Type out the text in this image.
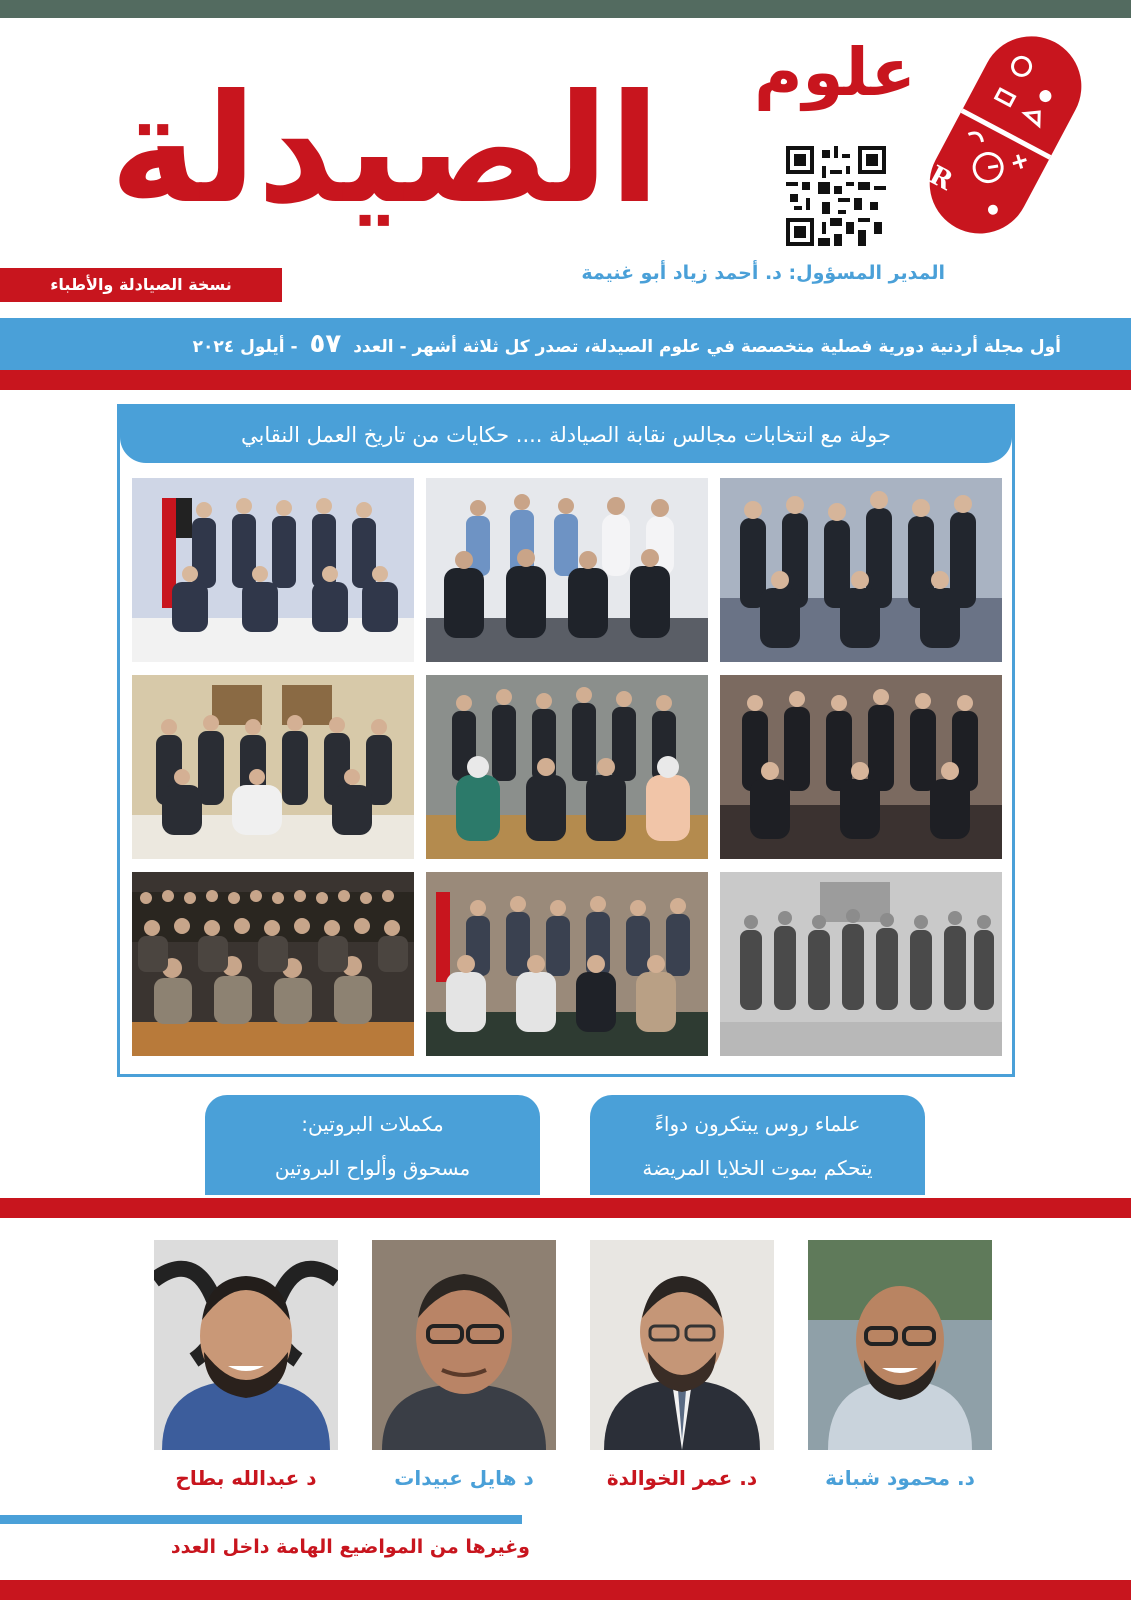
علوم
الصيدلة	R
المدير المسؤول: د. أحمد زياد أبو غنيمة
نسخة الصيادلة والأطباء
أول مجلة أردنية دورية فصلية متخصصة في علوم الصيدلة، تصدر كل ثلاثة أشهر - العدد ٥٧ - أيلول ٢٠٢٤
جولة مع انتخابات مجالس نقابة الصيادلة .... حكايات من تاريخ العمل النقابي
علماء روس يبتكرون دواءً
يتحكم بموت الخلايا المريضة
مكملات البروتين:
مسحوق وألواح البروتين
د. محمود شبانة
د. عمر الخوالدة
د هايل عبيدات
د عبدالله بطاح
وغيرها من المواضيع الهامة داخل العدد
